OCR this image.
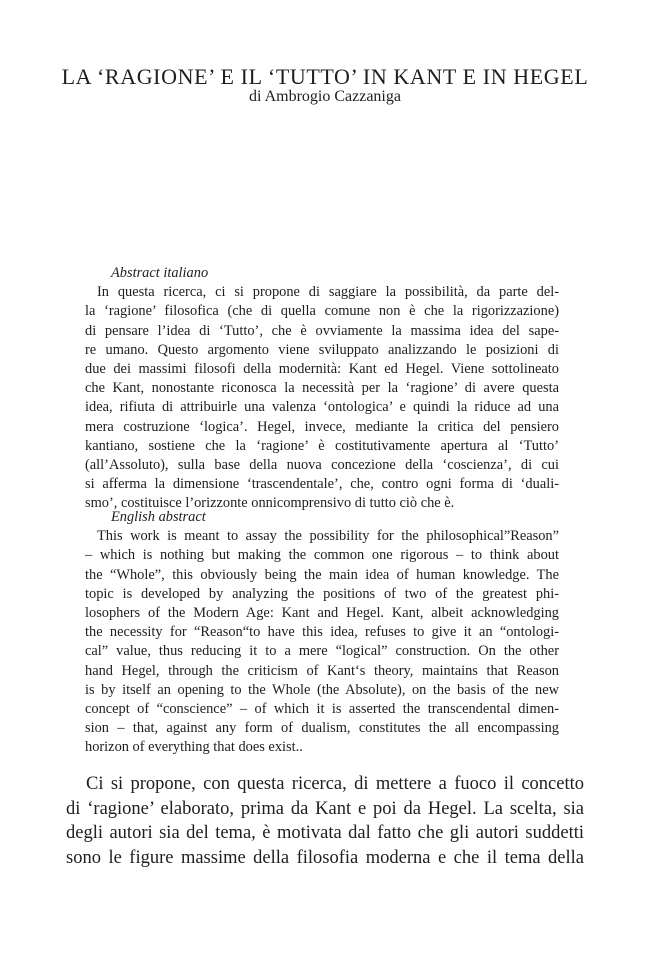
LA ‘RAGIONE’ E IL ‘TUTTO’ IN KANT E IN HEGEL
di Ambrogio Cazzaniga
Abstract italiano
In questa ricerca, ci si propone di saggiare la possibilità, da parte del-
la ‘ragione’ filosofica (che di quella comune non è che la rigorizzazione)
di pensare l’idea di ‘Tutto’, che è ovviamente la massima idea del sape-
re umano. Questo argomento viene sviluppato analizzando le posizioni di
due dei massimi filosofi della modernità: Kant ed Hegel. Viene sottolineato
che Kant, nonostante riconosca la necessità per la ‘ragione’ di avere questa
idea, rifiuta di attribuirle una valenza ‘ontologica’ e quindi la riduce ad una
mera costruzione ‘logica’. Hegel, invece, mediante la critica del pensiero
kantiano, sostiene che la ‘ragione’ è costitutivamente apertura al ‘Tutto’
(all’Assoluto), sulla base della nuova concezione della ‘coscienza’, di cui
si afferma la dimensione ‘trascendentale’, che, contro ogni forma di ‘duali-
smo’, costituisce l’orizzonte onnicomprensivo di tutto ciò che è.
English abstract
This work is meant to assay the possibility for the philosophical”Reason”
– which is nothing but making the common one rigorous – to think about
the “Whole”, this obviously being the main idea of human knowledge. The
topic is developed by analyzing the positions of two of the greatest phi-
losophers of the Modern Age: Kant and Hegel. Kant, albeit acknowledging
the necessity for “Reason“to have this idea, refuses to give it an “ontologi-
cal” value, thus reducing it to a mere “logical” construction. On the other
hand Hegel, through the criticism of Kant‘s theory, maintains that Reason
is by itself an opening to the Whole (the Absolute), on the basis of the new
concept of “conscience” – of which it is asserted the transcendental dimen-
sion – that, against any form of dualism, constitutes the all encompassing
horizon of everything that does exist..
Ci si propone, con questa ricerca, di mettere a fuoco il concetto
di ‘ragione’ elaborato, prima da Kant e poi da Hegel. La scelta, sia
degli autori sia del tema, è motivata dal fatto che gli autori suddetti
sono le figure massime della filosofia moderna e che il tema della
